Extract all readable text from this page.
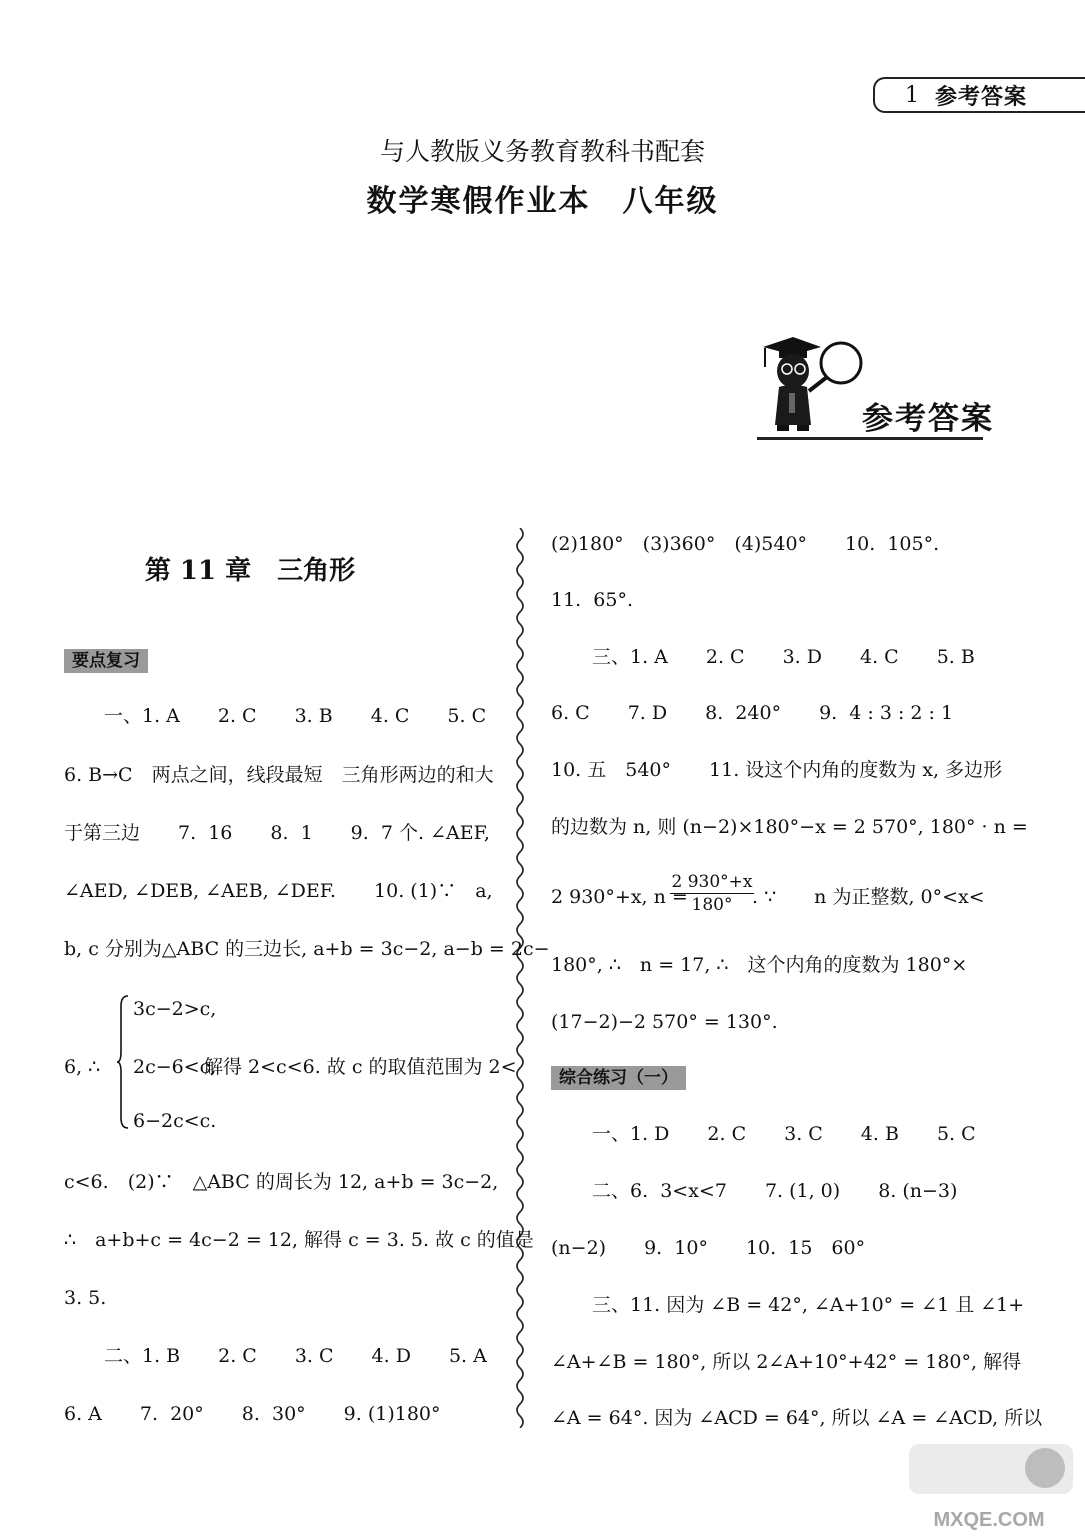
1 参考答案
与人教版义务教育教科书配套
数学寒假作业本　八年级
参考答案
第 11 章　三角形
要点复习
一、1. A　　2. C　　3. B　　4. C　　5. C
6. B→C　两点之间，线段最短　三角形两边的和大
于第三边　　7.  16　　8.  1　　9.  7 个. ∠AEF,
∠AED, ∠DEB, ∠AEB, ∠DEF.　　10. (1)∵　a,
b, c 分别为△ABC 的三边长, a+b = 3c−2, a−b = 2c−
6, ∴
3c−2>c,
2c−6<c,
解得 2<c<6. 故 c 的取值范围为 2<
6−2c<c.
c<6.　(2)∵　△ABC 的周长为 12, a+b = 3c−2,
∴　a+b+c = 4c−2 = 12, 解得 c = 3. 5. 故 c 的值是
3. 5.
二、1. B　　2. C　　3. C　　4. D　　5. A
6. A　　7.  20°　　8.  30°　　9. (1)180°
(2)180°　(3)360°　(4)540°　　10.  105°.
11.  65°.
三、1. A　　2. C　　3. D　　4. C　　5. B
6. C　　7. D　　8.  240°　　9.  4 : 3 : 2 : 1
10. 五　540°　　11. 设这个内角的度数为 x, 多边形
的边数为 n, 则 (n−2)×180°−x = 2 570°, 180° · n =
2 930°+x, n =
$\frac{2 930^\circ+x}{180^\circ}$
. ∵　　n 为正整数, 0°<x<
180°, ∴　n = 17, ∴　这个内角的度数为 180°×
(17−2)−2 570° = 130°.
综合练习（一）
一、1. D　　2. C　　3. C　　4. B　　5. C
二、6.  3<x<7　　7. (1, 0)　　8. (n−3)
(n−2)　　9.  10°　　10.  15　60°
三、11. 因为 ∠B = 42°, ∠A+10° = ∠1 且 ∠1+
∠A+∠B = 180°, 所以 2∠A+10°+42° = 180°, 解得
∠A = 64°. 因为 ∠ACD = 64°, 所以 ∠A = ∠ACD, 所以
MXQE.COM
